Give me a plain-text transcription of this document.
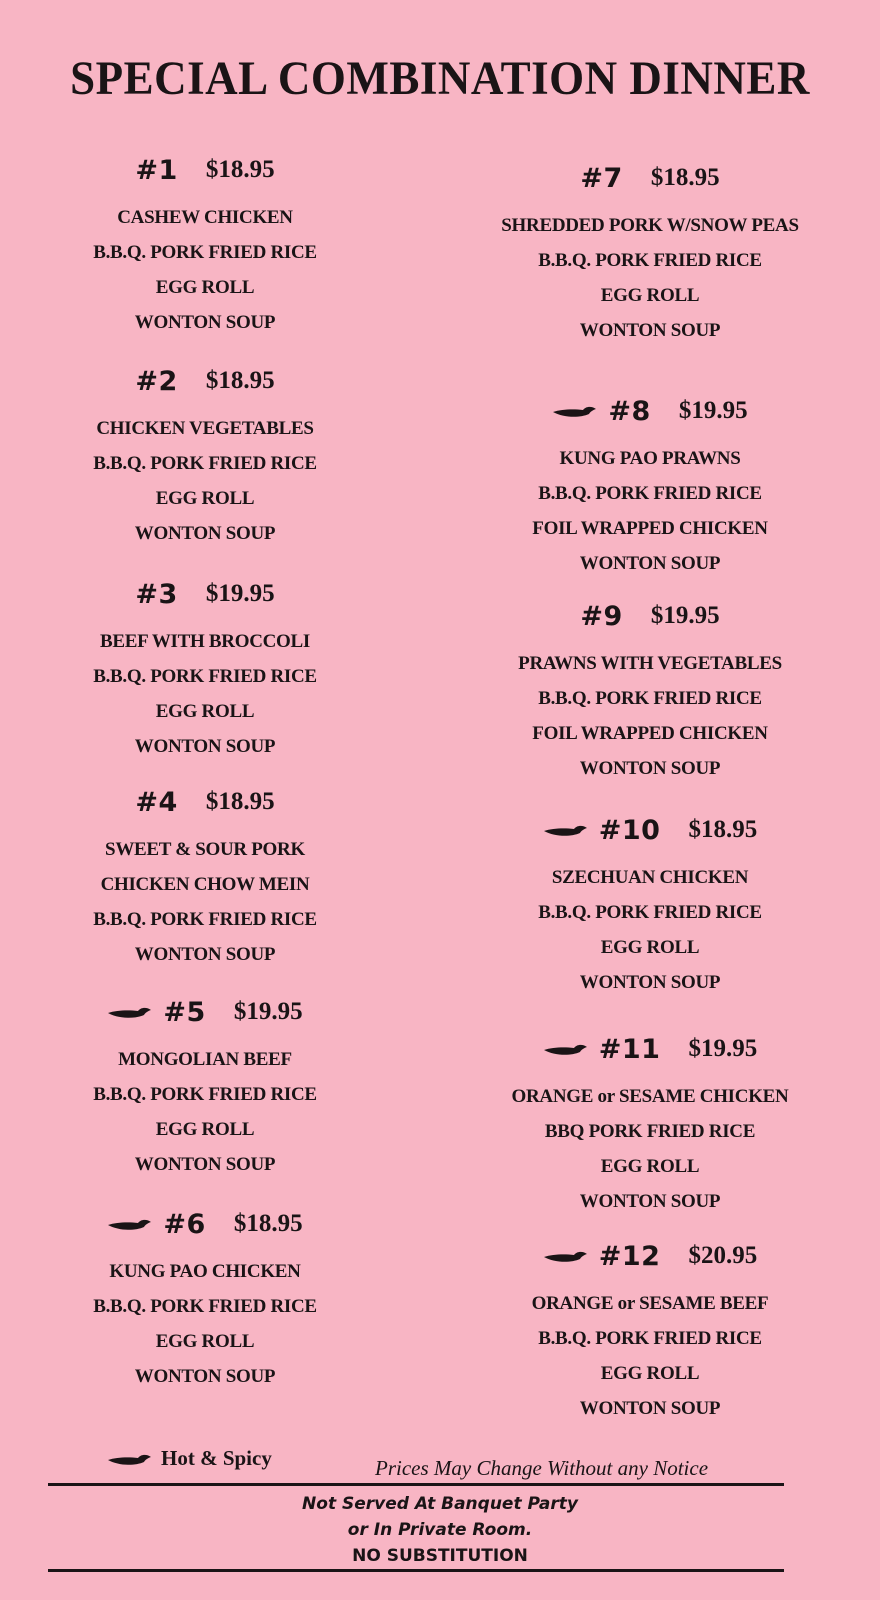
SPECIAL COMBINATION DINNER
#1 $18.95
CASHEW CHICKEN
B.B.Q. PORK FRIED RICE
EGG ROLL
WONTON SOUP
#2 $18.95
CHICKEN VEGETABLES
B.B.Q. PORK FRIED RICE
EGG ROLL
WONTON SOUP
#3 $19.95
BEEF WITH BROCCOLI
B.B.Q. PORK FRIED RICE
EGG ROLL
WONTON SOUP
#4 $18.95
SWEET & SOUR PORK
CHICKEN CHOW MEIN
B.B.Q. PORK FRIED RICE
WONTON SOUP
#5 $19.95
MONGOLIAN BEEF
B.B.Q. PORK FRIED RICE
EGG ROLL
WONTON SOUP
#6 $18.95
KUNG PAO CHICKEN
B.B.Q. PORK FRIED RICE
EGG ROLL
WONTON SOUP
#7 $18.95
SHREDDED PORK W/SNOW PEAS
B.B.Q. PORK FRIED RICE
EGG ROLL
WONTON SOUP
#8 $19.95
KUNG PAO PRAWNS
B.B.Q. PORK FRIED RICE
FOIL WRAPPED CHICKEN
WONTON SOUP
#9 $19.95
PRAWNS WITH VEGETABLES
B.B.Q. PORK FRIED RICE
FOIL WRAPPED CHICKEN
WONTON SOUP
#10 $18.95
SZECHUAN CHICKEN
B.B.Q. PORK FRIED RICE
EGG ROLL
WONTON SOUP
#11 $19.95
ORANGE or SESAME CHICKEN
BBQ PORK FRIED RICE
EGG ROLL
WONTON SOUP
#12 $20.95
ORANGE or SESAME BEEF
B.B.Q. PORK FRIED RICE
EGG ROLL
WONTON SOUP
Hot & Spicy	Prices May Change Without any Notice
Not Served At Banquet Party
or In Private Room.
NO SUBSTITUTION
